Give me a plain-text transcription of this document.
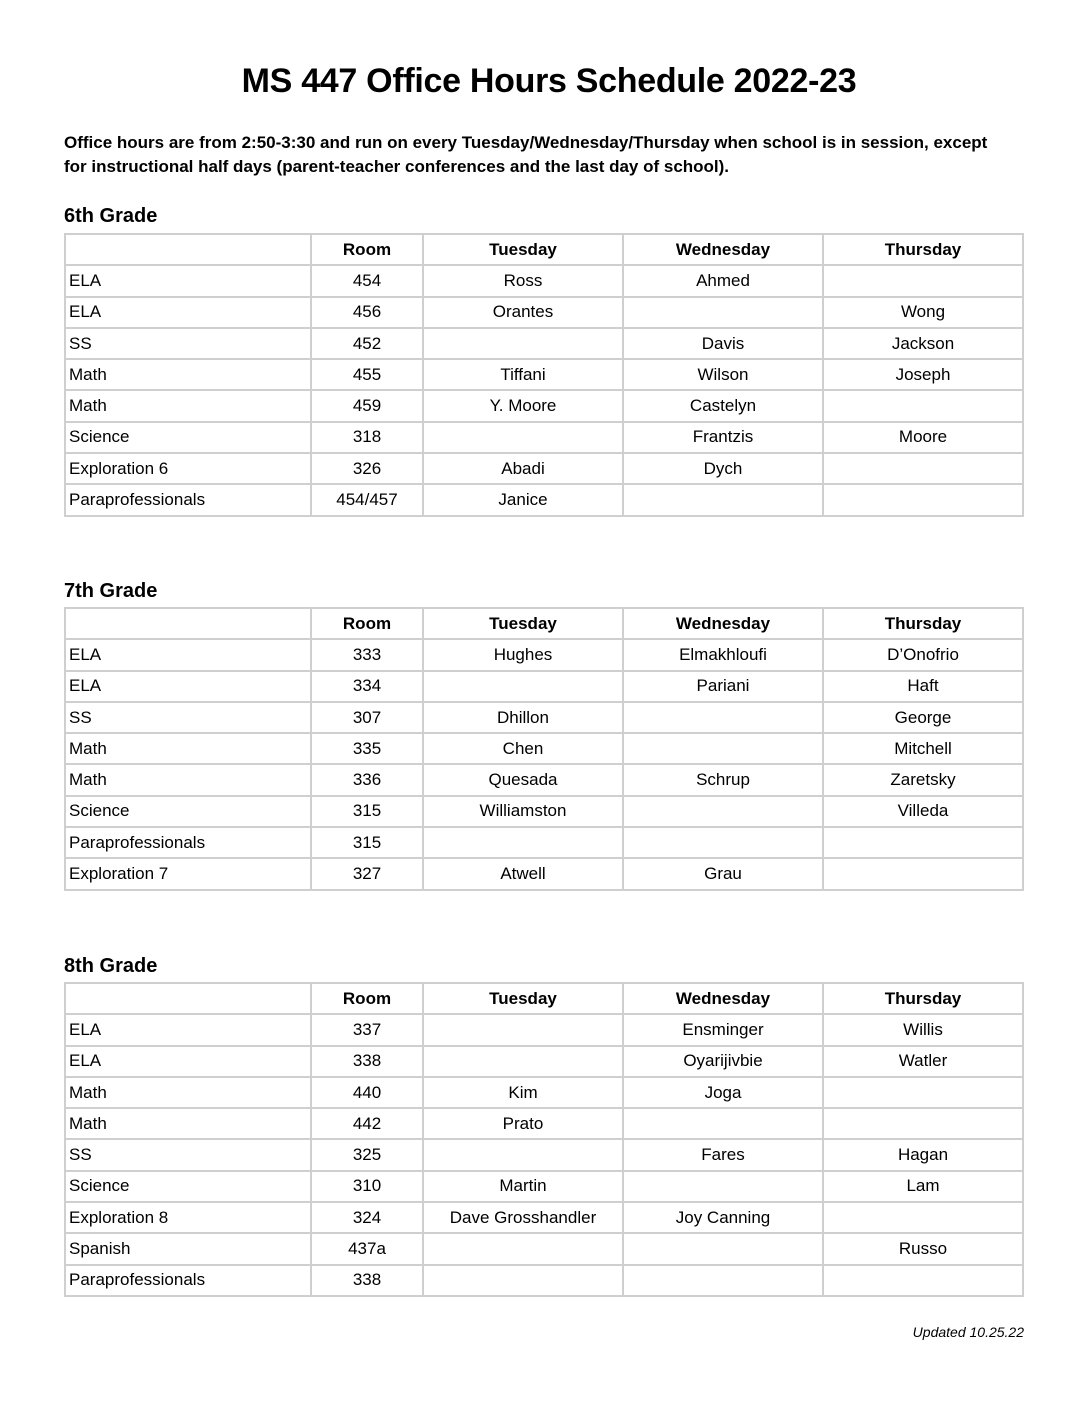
MS 447 Office Hours Schedule 2022-23

Office hours are from 2:50-3:30 and run on every Tuesday/Wednesday/Thursday when school is in session, except for instructional half days (parent-teacher conferences and the last day of school).

6th Grade
	Room	Tuesday	Wednesday	Thursday
ELA	454	Ross	Ahmed	
ELA	456	Orantes		Wong
SS	452		Davis	Jackson
Math	455	Tiffani	Wilson	Joseph
Math	459	Y. Moore	Castelyn	
Science	318		Frantzis	Moore
Exploration 6	326	Abadi	Dych	
Paraprofessionals	454/457	Janice		
7th Grade
	Room	Tuesday	Wednesday	Thursday
ELA	333	Hughes	Elmakhloufi	D’Onofrio
ELA	334		Pariani	Haft
SS	307	Dhillon		George
Math	335	Chen		Mitchell
Math	336	Quesada	Schrup	Zaretsky
Science	315	Williamston		Villeda
Paraprofessionals	315			
Exploration 7	327	Atwell	Grau	
8th Grade
	Room	Tuesday	Wednesday	Thursday
ELA	337		Ensminger	Willis
ELA	338		Oyarijivbie	Watler
Math	440	Kim	Joga	
Math	442	Prato		
SS	325		Fares	Hagan
Science	310	Martin		Lam
Exploration 8	324	Dave Grosshandler	Joy Canning	
Spanish	437a			Russo
Paraprofessionals	338			
Updated 10.25.22
